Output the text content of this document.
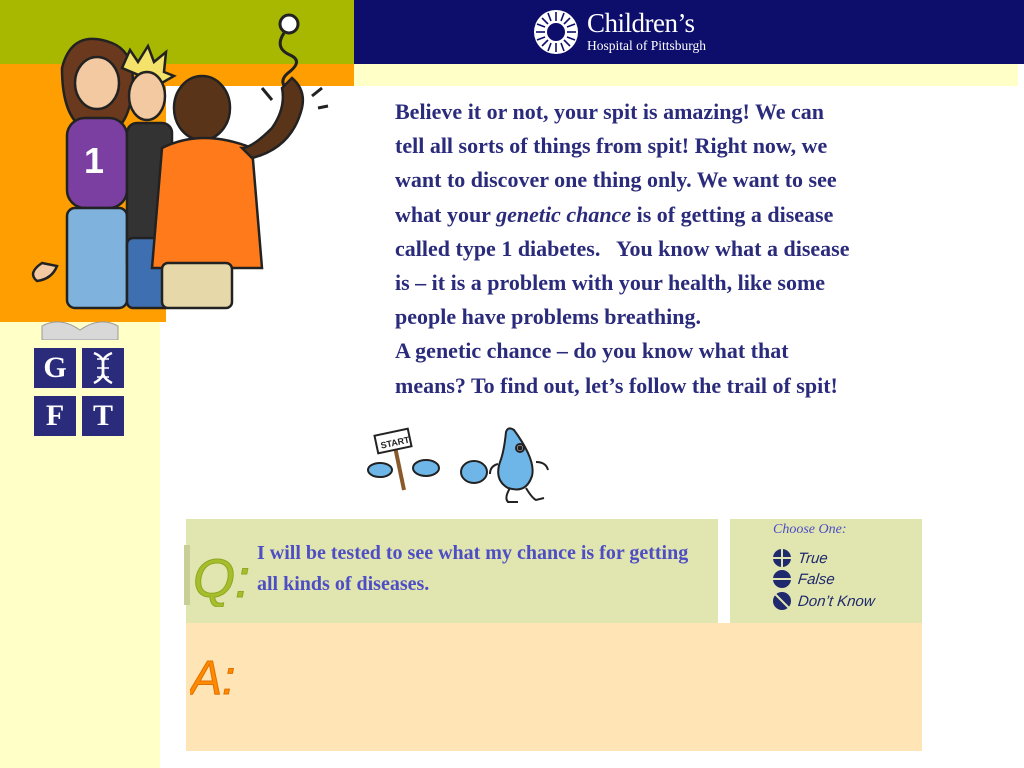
Children’s
Hospital of Pittsburgh
1
G
F T
Believe it or not, your spit is amazing! We can
tell all sorts of things from spit! Right now, we
want to discover one thing only. We want to see
what your genetic chance is of getting a disease
called type 1 diabetes.   You know what a disease
is – it is a problem with your health, like some
people have problems breathing.
A genetic chance – do you know what that
means? To find out, let’s follow the trail of spit!
START
Q: I will be tested to see what my chance is for getting all kinds of diseases.
Choose One:
True
False
Don’t Know
A:
